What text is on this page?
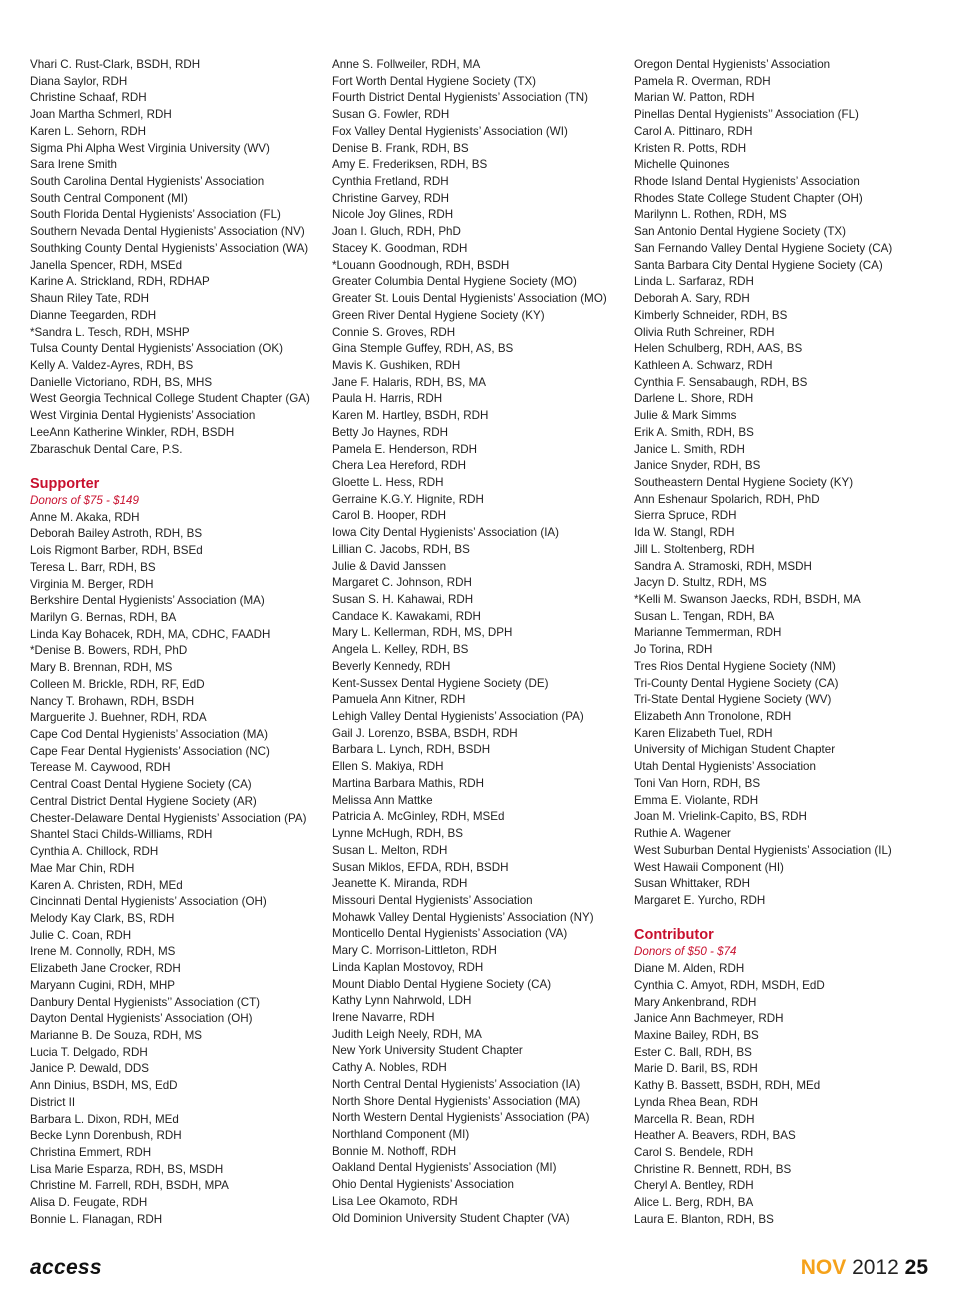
Vhari C. Rust-Clark, BSDH, RDH
Diana Saylor, RDH
Christine Schaaf, RDH
Joan Martha Schmerl, RDH
Karen L. Sehorn, RDH
Sigma Phi Alpha West Virginia University (WV)
Sara Irene Smith
South Carolina Dental Hygienists’ Association
South Central Component (MI)
South Florida Dental Hygienists’ Association (FL)
Southern Nevada Dental Hygienists’ Association (NV)
Southking County Dental Hygienists’ Association (WA)
Janella Spencer, RDH, MSEd
Karine A. Strickland, RDH, RDHAP
Shaun Riley Tate, RDH
Dianne Teegarden, RDH
*Sandra L. Tesch, RDH, MSHP
Tulsa County Dental Hygienists’ Association (OK)
Kelly A. Valdez-Ayres, RDH, BS
Danielle Victoriano, RDH, BS, MHS
West Georgia Technical College Student Chapter (GA)
West Virginia Dental Hygienists’ Association
LeeAnn Katherine Winkler, RDH, BSDH
Zbaraschuk Dental Care, P.S.
Supporter
Donors of $75 - $149
Anne M. Akaka, RDH
Deborah Bailey Astroth, RDH, BS
Lois Rigmont Barber, RDH, BSEd
Teresa L. Barr, RDH, BS
Virginia M. Berger, RDH
Berkshire Dental Hygienists’ Association (MA)
Marilyn G. Bernas, RDH, BA
Linda Kay Bohacek, RDH, MA, CDHC, FAADH
*Denise B. Bowers, RDH, PhD
Mary B. Brennan, RDH, MS
Colleen M. Brickle, RDH, RF, EdD
Nancy T. Brohawn, RDH, BSDH
Marguerite J. Buehner, RDH, RDA
Cape Cod Dental Hygienists’ Association (MA)
Cape Fear Dental Hygienists’ Association (NC)
Terease M. Caywood, RDH
Central Coast Dental Hygiene Society (CA)
Central District Dental Hygiene Society (AR)
Chester-Delaware Dental Hygienists’ Association (PA)
Shantel Staci Childs-Williams, RDH
Cynthia A. Chillock, RDH
Mae Mar Chin, RDH
Karen A. Christen, RDH, MEd
Cincinnati Dental Hygienists’ Association (OH)
Melody Kay Clark, BS, RDH
Julie C. Coan, RDH
Irene M. Connolly, RDH, MS
Elizabeth Jane Crocker, RDH
Maryann Cugini, RDH, MHP
Danbury Dental Hygienists’’ Association (CT)
Dayton Dental Hygienists’ Association (OH)
Marianne B. De Souza, RDH, MS
Lucia T. Delgado, RDH
Janice P. Dewald, DDS
Ann Dinius, BSDH, MS, EdD
District II
Barbara L. Dixon, RDH, MEd
Becke Lynn Dorenbush, RDH
Christina Emmert, RDH
Lisa Marie Esparza, RDH, BS, MSDH
Christine M. Farrell, RDH, BSDH, MPA
Alisa D. Feugate, RDH
Bonnie L. Flanagan, RDH
Anne S. Follweiler, RDH, MA
Fort Worth Dental Hygiene Society (TX)
Fourth District Dental Hygienists’ Association (TN)
Susan G. Fowler, RDH
Fox Valley Dental Hygienists’ Association (WI)
Denise B. Frank, RDH, BS
Amy E. Frederiksen, RDH, BS
Cynthia Fretland, RDH
Christine Garvey, RDH
Nicole Joy Glines, RDH
Joan I. Gluch, RDH, PhD
Stacey K. Goodman, RDH
*Louann Goodnough, RDH, BSDH
Greater Columbia Dental Hygiene Society (MO)
Greater St. Louis Dental Hygienists’ Association (MO)
Green River Dental Hygiene Society (KY)
Connie S. Groves, RDH
Gina Stemple Guffey, RDH, AS, BS
Mavis K. Gushiken, RDH
Jane F. Halaris, RDH, BS, MA
Paula H. Harris, RDH
Karen M. Hartley, BSDH, RDH
Betty Jo Haynes, RDH
Pamela E. Henderson, RDH
Chera Lea Hereford, RDH
Gloette L. Hess, RDH
Gerraine K.G.Y. Hignite, RDH
Carol B. Hooper, RDH
Iowa City Dental Hygienists’ Association (IA)
Lillian C. Jacobs, RDH, BS
Julie & David Janssen
Margaret C. Johnson, RDH
Susan S. H. Kahawai, RDH
Candace K. Kawakami, RDH
Mary L. Kellerman, RDH, MS, DPH
Angela L. Kelley, RDH, BS
Beverly Kennedy, RDH
Kent-Sussex Dental Hygiene Society (DE)
Pamuela Ann Kitner, RDH
Lehigh Valley Dental Hygienists’ Association (PA)
Gail J. Lorenzo, BSBA, BSDH, RDH
Barbara L. Lynch, RDH, BSDH
Ellen S. Makiya, RDH
Martina Barbara Mathis, RDH
Melissa Ann Mattke
Patricia A. McGinley, RDH, MSEd
Lynne McHugh, RDH, BS
Susan L. Melton, RDH
Susan Miklos, EFDA, RDH, BSDH
Jeanette K. Miranda, RDH
Missouri Dental Hygienists’ Association
Mohawk Valley Dental Hygienists’ Association (NY)
Monticello Dental Hygienists’ Association (VA)
Mary C. Morrison-Littleton, RDH
Linda Kaplan Mostovoy, RDH
Mount Diablo Dental Hygiene Society (CA)
Kathy Lynn Nahrwold, LDH
Irene Navarre, RDH
Judith Leigh Neely, RDH, MA
New York University Student Chapter
Cathy A. Nobles, RDH
North Central Dental Hygienists’ Association (IA)
North Shore Dental Hygienists’ Association (MA)
North Western Dental Hygienists’ Association (PA)
Northland Component (MI)
Bonnie M. Nothoff, RDH
Oakland Dental Hygienists’ Association (MI)
Ohio Dental Hygienists’ Association
Lisa Lee Okamoto, RDH
Old Dominion University Student Chapter (VA)
Oregon Dental Hygienists’ Association
Pamela R. Overman, RDH
Marian W. Patton, RDH
Pinellas Dental Hygienists’’ Association (FL)
Carol A. Pittinaro, RDH
Kristen R. Potts, RDH
Michelle Quinones
Rhode Island Dental Hygienists’ Association
Rhodes State College Student Chapter (OH)
Marilynn L. Rothen, RDH, MS
San Antonio Dental Hygiene Society (TX)
San Fernando Valley Dental Hygiene Society (CA)
Santa Barbara City Dental Hygiene Society (CA)
Linda L. Sarfaraz, RDH
Deborah A. Sary, RDH
Kimberly Schneider, RDH, BS
Olivia Ruth Schreiner, RDH
Helen Schulberg, RDH, AAS, BS
Kathleen A. Schwarz, RDH
Cynthia F. Sensabaugh, RDH, BS
Darlene L. Shore, RDH
Julie & Mark Simms
Erik A. Smith, RDH, BS
Janice L. Smith, RDH
Janice Snyder, RDH, BS
Southeastern Dental Hygiene Society (KY)
Ann Eshenaur Spolarich, RDH, PhD
Sierra Spruce, RDH
Ida W. Stangl, RDH
Jill L. Stoltenberg, RDH
Sandra A. Stramoski, RDH, MSDH
Jacyn D. Stultz, RDH, MS
*Kelli M. Swanson Jaecks, RDH, BSDH, MA
Susan L. Tengan, RDH, BA
Marianne Temmerman, RDH
Jo Torina, RDH
Tres Rios Dental Hygiene Society (NM)
Tri-County Dental Hygiene Society (CA)
Tri-State Dental Hygiene Society (WV)
Elizabeth Ann Tronolone, RDH
Karen Elizabeth Tuel, RDH
University of Michigan Student Chapter
Utah Dental Hygienists’ Association
Toni Van Horn, RDH, BS
Emma E. Violante, RDH
Joan M. Vrielink-Capito, BS, RDH
Ruthie A. Wagener
West Suburban Dental Hygienists’ Association (IL)
West Hawaii Component (HI)
Susan Whittaker, RDH
Margaret E. Yurcho, RDH
Contributor
Donors of $50 - $74
Diane M. Alden, RDH
Cynthia C. Amyot, RDH, MSDH, EdD
Mary Ankenbrand, RDH
Janice Ann Bachmeyer, RDH
Maxine Bailey, RDH, BS
Ester C. Ball, RDH, BS
Marie D. Baril, BS, RDH
Kathy B. Bassett, BSDH, RDH, MEd
Lynda Rhea Bean, RDH
Marcella R. Bean, RDH
Heather A. Beavers, RDH, BAS
Carol S. Bendele, RDH
Christine R. Bennett, RDH, BS
Cheryl A. Bentley, RDH
Alice L. Berg, RDH, BA
Laura E. Blanton, RDH, BS
access	NOV 2012 25
